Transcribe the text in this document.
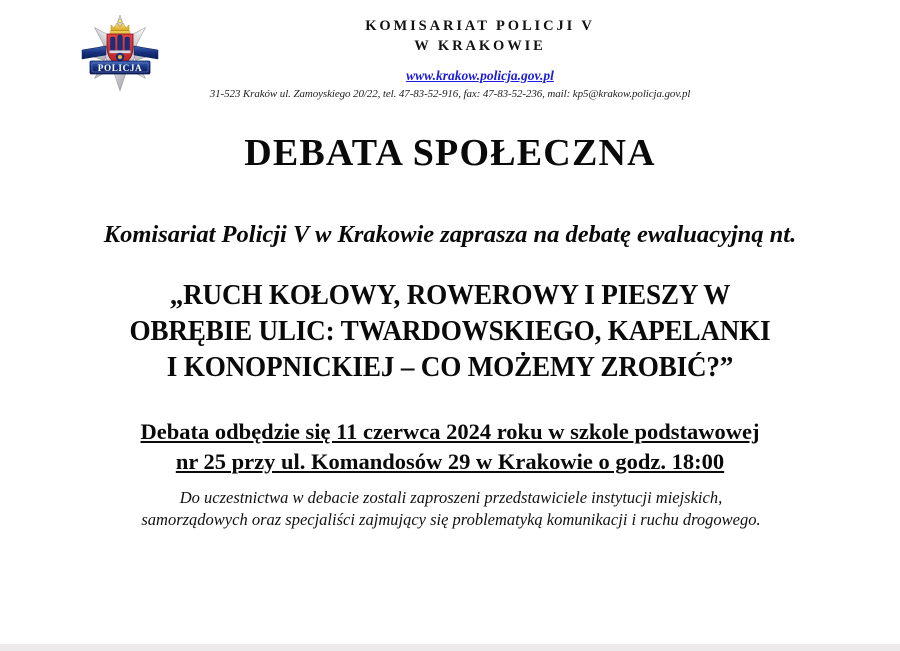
POLICJA
KOMISARIAT POLICJI V
W KRAKOWIE
www.krakow.policja.gov.pl
31-523 Kraków ul. Zamoyskiego 20/22, tel. 47-83-52-916, fax: 47-83-52-236, mail: kp5@krakow.policja.gov.pl
DEBATA SPOŁECZNA
Komisariat Policji V w Krakowie zaprasza na debatę ewaluacyjną nt.
„RUCH KOŁOWY, ROWEROWY I PIESZY W
OBRĘBIE ULIC: TWARDOWSKIEGO, KAPELANKI
I KONOPNICKIEJ – CO MOŻEMY ZROBIĆ?”
Debata odbędzie się 11 czerwca 2024 roku w szkole podstawowej
nr 25 przy ul. Komandosów 29 w Krakowie o godz. 18:00
Do uczestnictwa w debacie zostali zaproszeni przedstawiciele instytucji miejskich,
samorządowych oraz specjaliści zajmujący się problematyką komunikacji i ruchu drogowego.
